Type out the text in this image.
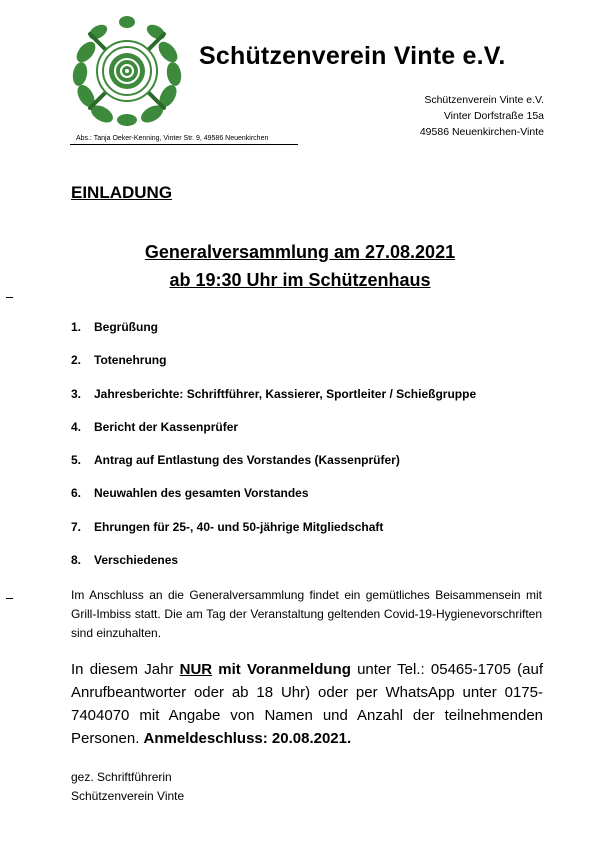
Schützenverein Vinte e.V.
Schützenverein Vinte e.V.
Vinter Dorfstraße 15a
49586 Neuenkirchen-Vinte
Abs.: Tanja Oeker-Kenning, Vinter Str. 9, 49586 Neuenkirchen
EINLADUNG
Generalversammlung am 27.08.2021
ab 19:30 Uhr im Schützenhaus
1. Begrüßung
2. Totenehrung
3. Jahresberichte: Schriftführer, Kassierer, Sportleiter / Schießgruppe
4. Bericht der Kassenprüfer
5. Antrag auf Entlastung des Vorstandes (Kassenprüfer)
6. Neuwahlen des gesamten Vorstandes
7. Ehrungen für 25-, 40- und 50-jährige Mitgliedschaft
8. Verschiedenes
Im Anschluss an die Generalversammlung findet ein gemütliches Beisammensein mit Grill-Imbiss statt. Die am Tag der Veranstaltung geltenden Covid-19-Hygienevorschriften sind einzuhalten.
In diesem Jahr NUR mit Voranmeldung unter Tel.: 05465-1705 (auf Anrufbeantworter oder ab 18 Uhr) oder per WhatsApp unter 0175-7404070 mit Angabe von Namen und Anzahl der teilnehmenden Personen. Anmeldeschluss: 20.08.2021.
gez. Schriftführerin
Schützenverein Vinte
